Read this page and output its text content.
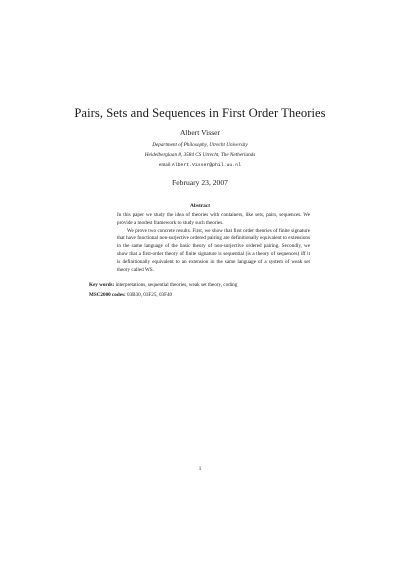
Pairs, Sets and Sequences in First Order Theories
Albert Visser
Department of Philosophy, Utrecht University
Heidelberglaan 8, 3584 CS Utrecht, The Netherlands
email Albert.Visser@phil.uu.nl
February 23, 2007
Abstract

In this paper we study the idea of theories with containers, like sets, pairs, sequences. We provide a modest framework to study such theories.

We prove two concrete results. First, we show that first order theories of finite signature that have functional non-surjective ordered pairing are definitionally equivalent to extensions in the same language of the basic theory of non-surjective ordered pairing. Secondly, we show that a first-order theory of finite signature is sequential (is a theory of sequences) iff it is definitionally equivalent to an extension in the same language of a system of weak set theory called WS.

Key words: interpretations, sequential theories, weak set theory, coding
MSC2000 codes: 03B30, 03F25, 03F40
1
